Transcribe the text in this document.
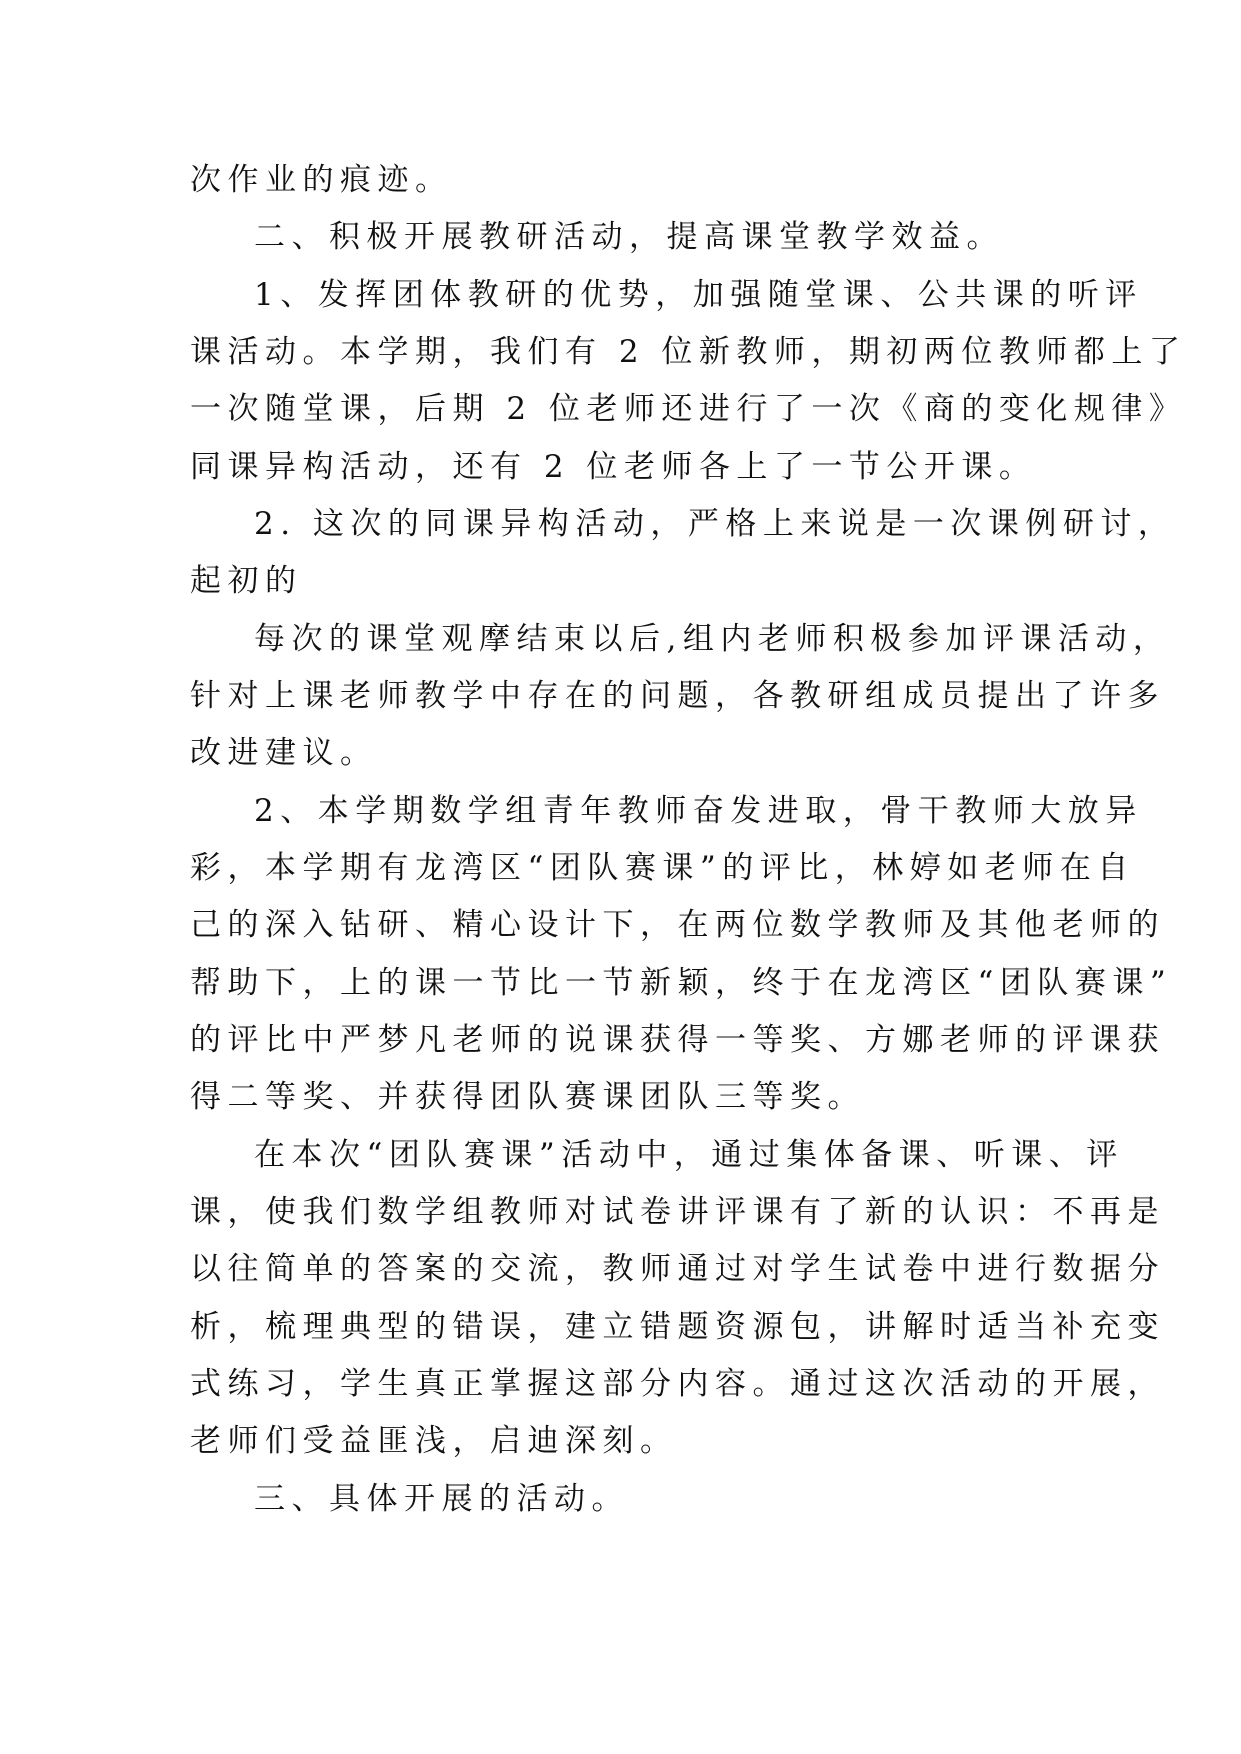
次作业的痕迹。
二、积极开展教研活动，提高课堂教学效益。
1、发挥团体教研的优势，加强随堂课、公共课的听评
课活动。本学期，我们有 2 位新教师，期初两位教师都上了
一次随堂课，后期 2 位老师还进行了一次《商的变化规律》
同课异构活动，还有 2 位老师各上了一节公开课。
2. 这次的同课异构活动，严格上来说是一次课例研讨，
起初的
每次的课堂观摩结束以后,组内老师积极参加评课活动，
针对上课老师教学中存在的问题，各教研组成员提出了许多
改进建议。
2、本学期数学组青年教师奋发进取，骨干教师大放异
彩，本学期有龙湾区“团队赛课”的评比，林婷如老师在自
己的深入钻研、精心设计下，在两位数学教师及其他老师的
帮助下，上的课一节比一节新颖，终于在龙湾区“团队赛课”
的评比中严梦凡老师的说课获得一等奖、方娜老师的评课获
得二等奖、并获得团队赛课团队三等奖。
在本次“团队赛课”活动中，通过集体备课、听课、评
课，使我们数学组教师对试卷讲评课有了新的认识：不再是
以往简单的答案的交流，教师通过对学生试卷中进行数据分
析，梳理典型的错误，建立错题资源包，讲解时适当补充变
式练习，学生真正掌握这部分内容。通过这次活动的开展，
老师们受益匪浅，启迪深刻。
三、具体开展的活动。
